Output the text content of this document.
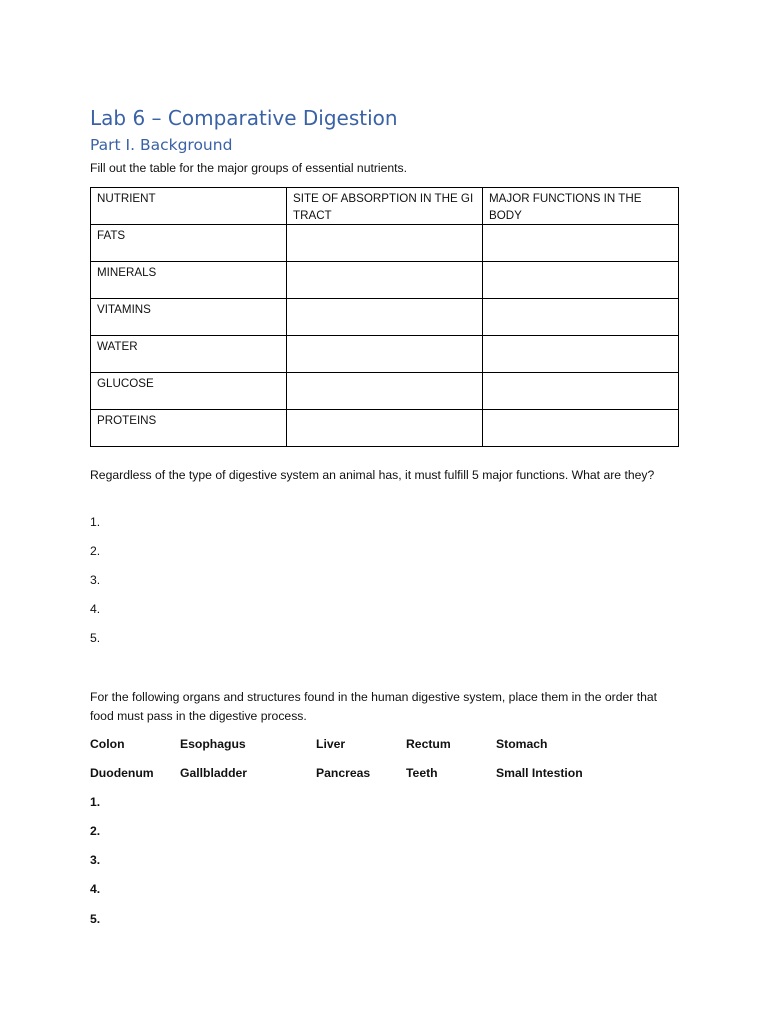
Lab 6 – Comparative Digestion
Part I. Background
Fill out the table for the major groups of essential nutrients.
NUTRIENT	SITE OF ABSORPTION IN THE GI TRACT	MAJOR FUNCTIONS IN THE BODY
FATS		
MINERALS		
VITAMINS		
WATER		
GLUCOSE		
PROTEINS		
Regardless of the type of digestive system an animal has, it must fulfill 5 major functions. What are they?
1.
2.
3.
4.
5.
For the following organs and structures found in the human digestive system, place them in the order that food must pass in the digestive process.
Colon	Esophagus	Liver	Rectum	Stomach
Duodenum Gallbladder	Pancreas	Teeth	Small Intestion
1.
2.
3.
4.
5.
